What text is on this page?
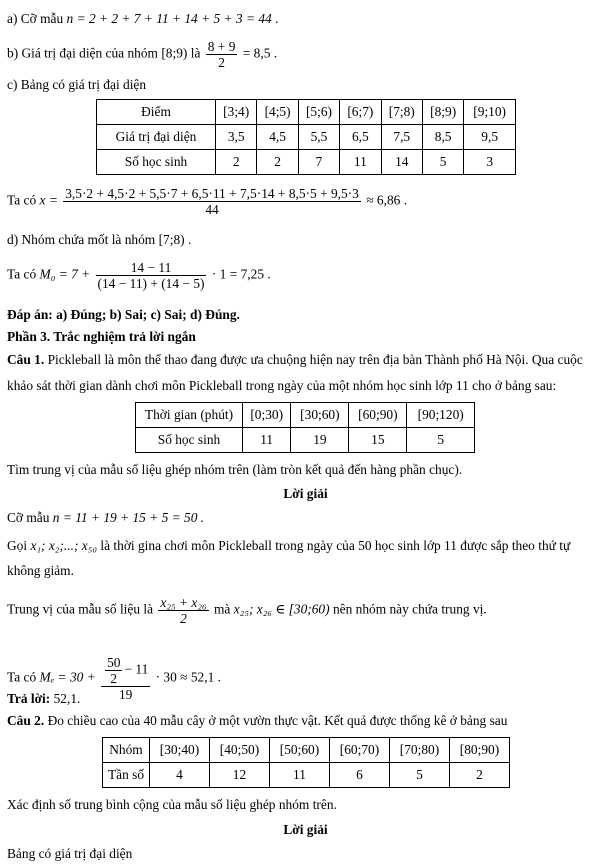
a) Cỡ mẫu n = 2 + 2 + 7 + 11 + 14 + 5 + 3 = 44 .
b) Giá trị đại diện của nhóm [8;9) là $\frac{8 + 9}{2} = 8,5$ .
c) Bảng có giá trị đại diện
Điểm	[3;4)	[4;5)	[5;6)	[6;7)	[7;8)	[8;9)	[9;10)
Giá trị đại diện	3,5	4,5	5,5	6,5	7,5	8,5	9,5
Số học sinh	2	2	7	11	14	5	3
Ta có $x = \frac{3,5\cdot 2 + 4,5\cdot 2 + 5,5\cdot 7 + 6,5\cdot 11 + 7,5\cdot 14 + 8,5\cdot 5 + 9,5\cdot 3}{44} \approx 6,86$ .
d) Nhóm chứa mốt là nhóm [7;8) .
Ta có $M_0 = 7 + \frac{14 - 11}{(14 - 11) + (14 - 5)} \cdot 1 = 7,25$ .
Đáp án: a) Đúng; b) Sai; c) Sai; d) Đúng.
Phần 3. Trắc nghiệm trả lời ngắn
Câu 1. Pickleball là môn thể thao đang được ưa chuộng hiện nay trên địa bàn Thành phố Hà Nội. Qua cuộc
khảo sát thời gian dành chơi môn Pickleball trong ngày của một nhóm học sinh lớp 11 cho ở bảng sau:
Thời gian (phút)	[0;30)	[30;60)	[60;90)	[90;120)
Số học sinh	11	19	15	5
Tìm trung vị của mẫu số liệu ghép nhóm trên (làm tròn kết quả đến hàng phần chục).
Lời giải
Cỡ mẫu n = 11 + 19 + 15 + 5 = 50 .
Gọi x₁; x₂;...; x₅₀ là thời gina chơi môn Pickleball trong ngày của 50 học sinh lớp 11 được sắp theo thứ tự
không giảm.
Trung vị của mẫu số liệu là $\frac{\text{x₂₅ + x₂₆}}{2}$ mà x₂₅; x₂₆ ∈ [30;60) nên nhóm này chứa trung vị.
Ta có $M_e = 30 + \frac{\frac{50}{2} - 11}{19} \cdot 30 \approx 52,1$ .
Trả lời: 52,1.
Câu 2. Đo chiều cao của 40 mẫu cây ở một vườn thực vật. Kết quả được thống kê ở bảng sau
Nhóm	[30;40)	[40;50)	[50;60)	[60;70)	[70;80)	[80;90)
Tần số	4	12	11	6	5	2
Xác định số trung bình cộng của mẫu số liệu ghép nhóm trên.
Lời giải
Bảng có giá trị đại diện
